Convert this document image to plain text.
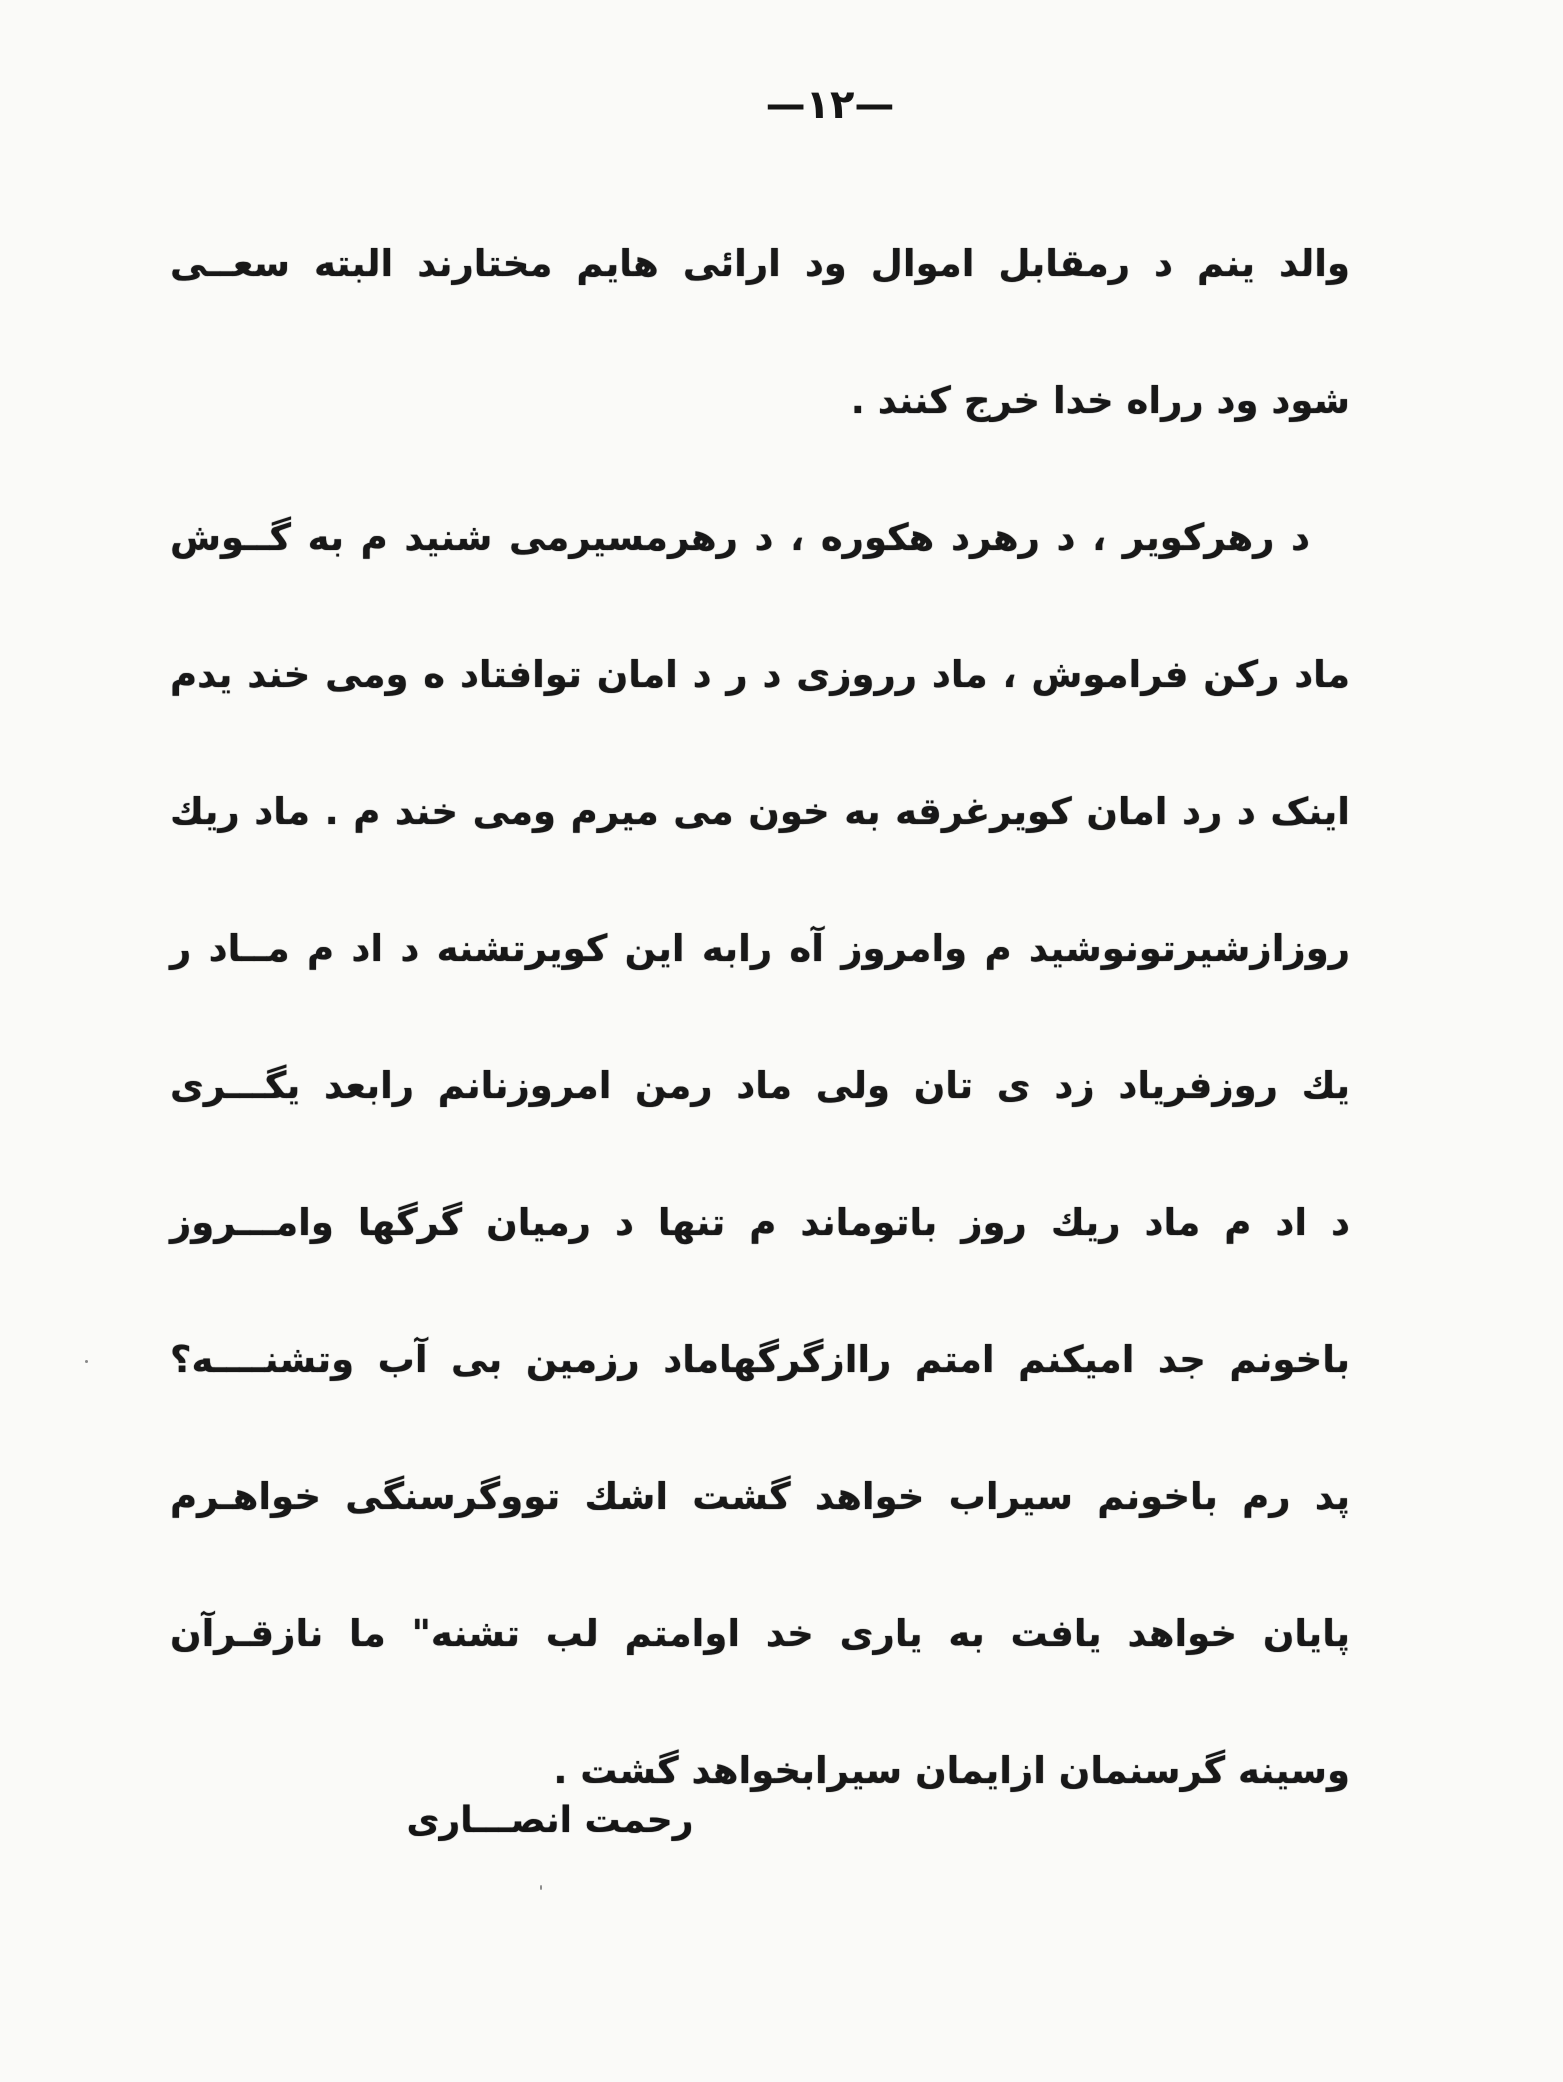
—۱۲—
والد ینم د رمقابل اموال ود ارائی هایم مختارند البته سعــی
شود ود رراه خدا خرج کنند .
د رهرکویر ، د رهرد هکوره ، د رهرمسیرمی شنید م به گــوش
ماد رکن فراموش ، ماد رروزی د ر د امان توافتاد ه ومی خند یدم
اینک د رد امان کویرغرقه به خون می میرم ومی خند م . ماد ریك
روزازشیرتونوشید م وامروز آه رابه این کویرتشنه د اد م مــاد ر
یك روزفریاد زد ی تان ولی ماد رمن امروزنانم رابعد یگـــری
د اد م ماد ریك روز باتوماند م تنها د رمیان گرگها وامـــروز
باخونم جد امیکنم امتم راازگرگهاماد رزمین بی آب وتشنــــه؟
پد رم باخونم سیراب خواهد گشت اشك تووگرسنگی خواهـرم
پایان خواهد یافت به یاری خد اوامتم لب تشنه" ما نازقـرآن
وسینه گرسنمان ازایمان سیرابخواهد گشت .
رحمت انصـــاری
